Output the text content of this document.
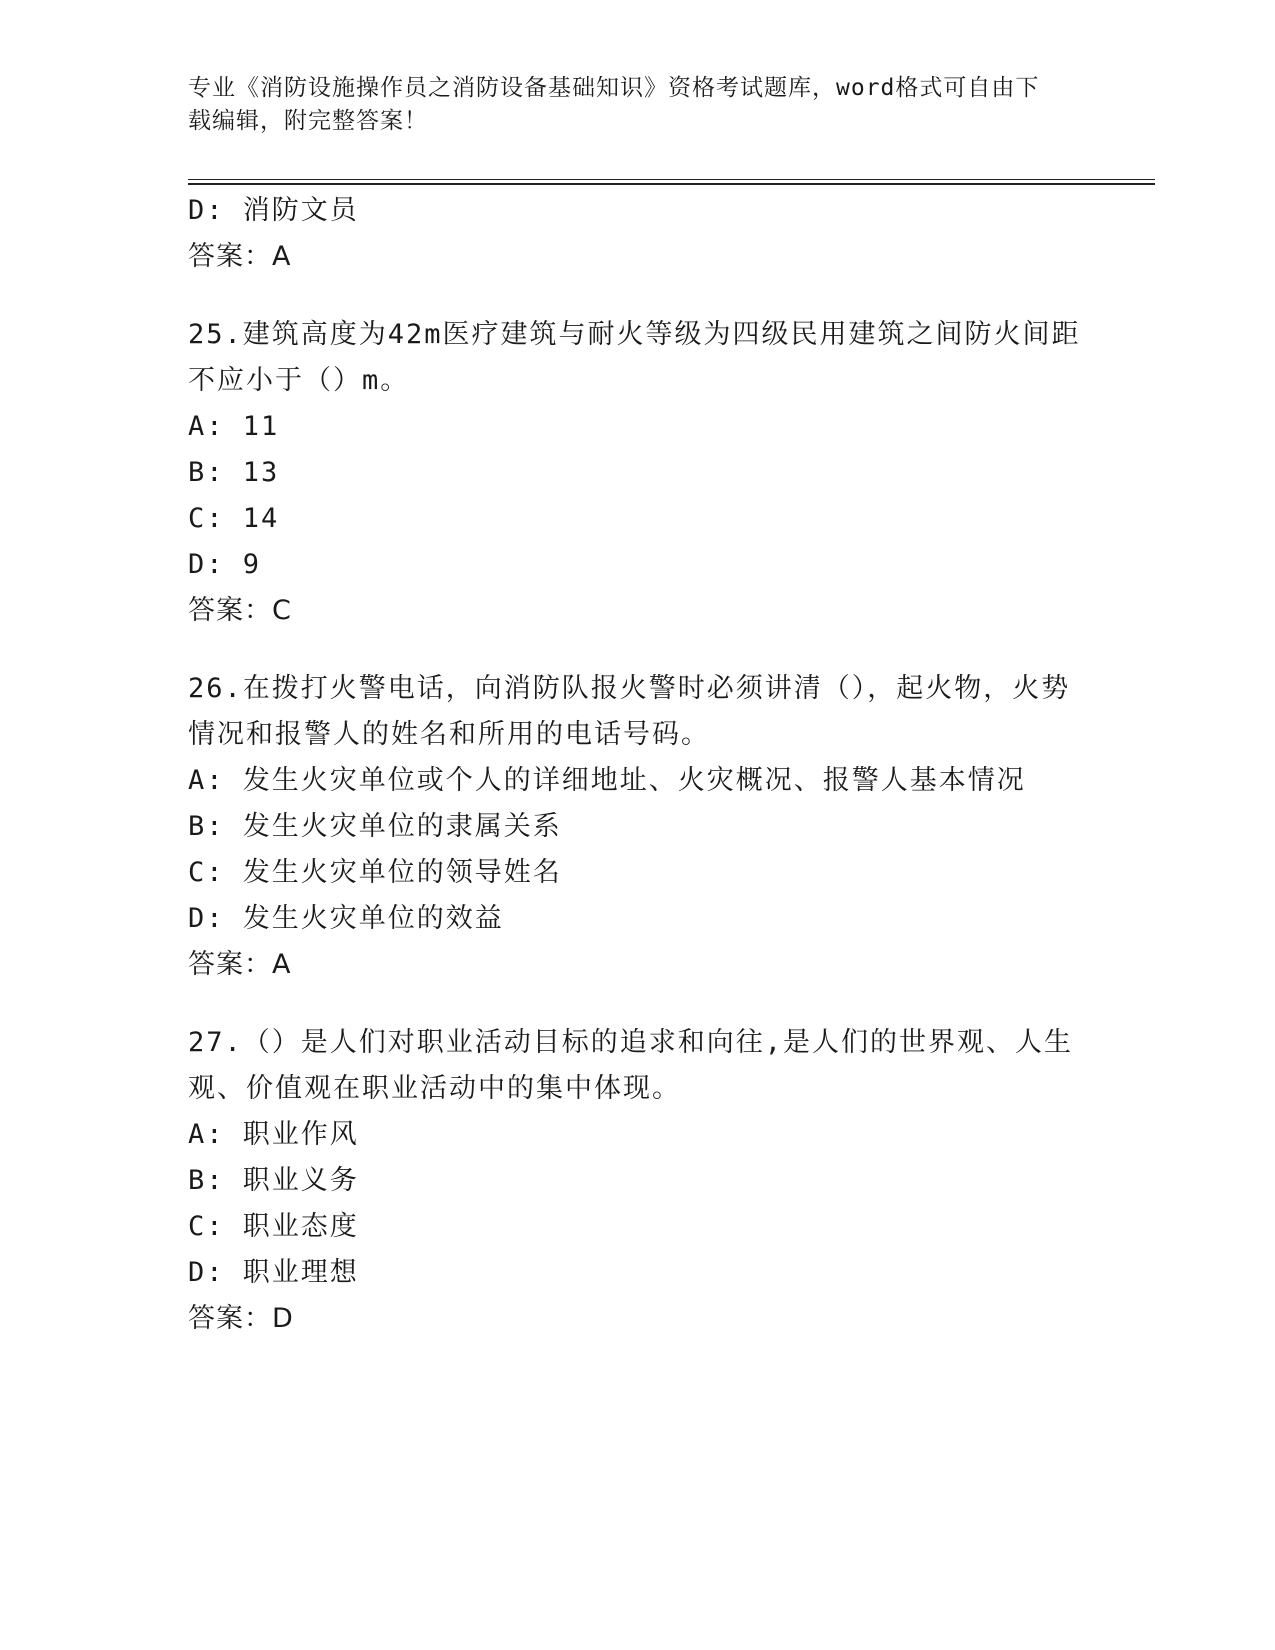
专业《消防设施操作员之消防设备基础知识》资格考试题库，word格式可自由下
载编辑，附完整答案！
D: 消防文员
答案：A
25.建筑高度为42m医疗建筑与耐火等级为四级民用建筑之间防火间距
不应小于（）m。
A: 11
B: 13
C: 14
D: 9
答案：C
26.在拨打火警电话，向消防队报火警时必须讲清（），起火物，火势
情况和报警人的姓名和所用的电话号码。
A: 发生火灾单位或个人的详细地址、火灾概况、报警人基本情况
B: 发生火灾单位的隶属关系
C: 发生火灾单位的领导姓名
D: 发生火灾单位的效益
答案：A
27.（）是人们对职业活动目标的追求和向往,是人们的世界观、人生
观、价值观在职业活动中的集中体现。
A: 职业作风
B: 职业义务
C: 职业态度
D: 职业理想
答案：D
